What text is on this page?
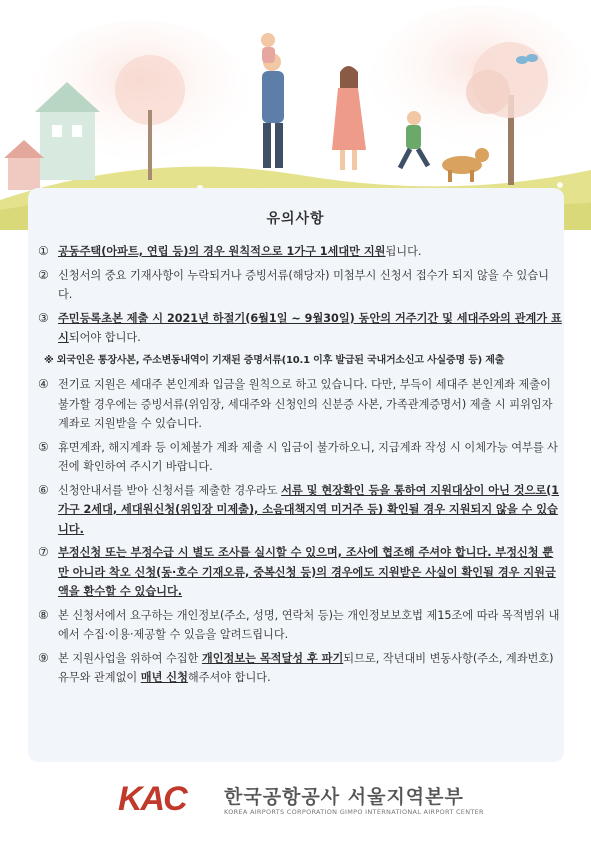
유의사항
① 공동주택(아파트, 연립 등)의 경우 원칙적으로 1가구 1세대만 지원됩니다.
② 신청서의 중요 기재사항이 누락되거나 증빙서류(해당자) 미첨부시 신청서 접수가 되지 않을 수 있습니다.
③ 주민등록초본 제출 시 2021년 하절기(6월1일 ~ 9월30일) 동안의 거주기간 및 세대주와의 관계가 표시되어야 합니다.
※ 외국인은 통장사본, 주소변동내역이 기재된 증명서류(10.1 이후 발급된 국내거소신고 사실증명 등) 제출
④ 전기료 지원은 세대주 본인계좌 입금을 원칙으로 하고 있습니다. 다만, 부득이 세대주 본인계좌 제출이 불가할 경우에는 증빙서류(위임장, 세대주와 신청인의 신분증 사본, 가족관계증명서) 제출 시 피위임자 계좌로 지원받을 수 있습니다.
⑤ 휴면계좌, 해지계좌 등 이체불가 계좌 제출 시 입금이 불가하오니, 지급계좌 작성 시 이체가능 여부를 사전에 확인하여 주시기 바랍니다.
⑥ 신청안내서를 받아 신청서를 제출한 경우라도 서류 및 현장확인 등을 통하여 지원대상이 아닌 것으로(1가구 2세대, 세대원신청(위임장 미제출), 소음대책지역 미거주 등) 확인될 경우 지원되지 않을 수 있습니다.
⑦ 부정신청 또는 부정수급 시 별도 조사를 실시할 수 있으며, 조사에 협조해 주셔야 합니다. 부정신청 뿐만 아니라 착오 신청(동·호수 기재오류, 중복신청 등)의 경우에도 지원받은 사실이 확인될 경우 지원금액을 환수할 수 있습니다.
⑧ 본 신청서에서 요구하는 개인정보(주소, 성명, 연락처 등)는 개인정보보호법 제15조에 따라 목적범위 내에서 수집·이용·제공할 수 있음을 알려드립니다.
⑨ 본 지원사업을 위하여 수집한 개인정보는 목적달성 후 파기되므로, 작년대비 변동사항(주소, 계좌번호) 유무와 관계없이 매년 신청해주셔야 합니다.
KAC 한국공항공사 서울지역본부
KOREA AIRPORTS CORPORATION GIMPO INTERNATIONAL AIRPORT CENTER
